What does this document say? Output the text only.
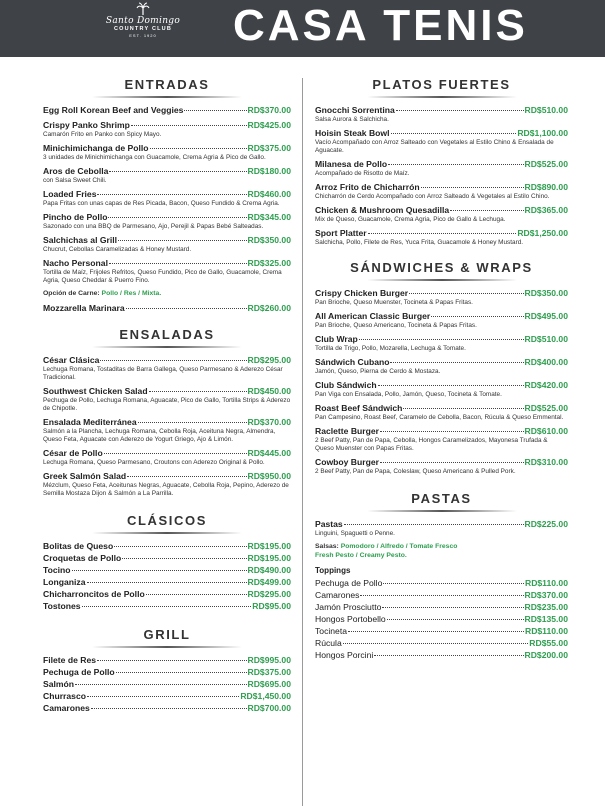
Santo Domingo
COUNTRY CLUB
EST. 1920	CASA TENIS
ENTRADAS
Egg Roll Korean Beef and Veggies	RD$370.00
Crispy Panko Shrimp	RD$425.00
Camarón Frito en Panko con Spicy Mayo.
Minichimichanga de Pollo	RD$375.00
3 unidades de Minichimichanga con Guacamole, Crema Agria & Pico de Gallo.
Aros de Cebolla	RD$180.00
con Salsa Sweet Chili.
Loaded Fries	RD$460.00
Papa Fritas con unas capas de Res Picada, Bacon, Queso Fundido & Crema Agria.
Pincho de Pollo	RD$345.00
Sazonado con una BBQ de Parmesano, Ajo, Perejil & Papas Bebé Salteadas.
Salchichas al Grill	RD$350.00
Chucrut, Cebollas Caramelizadas & Honey Mustard.
Nacho Personal	RD$325.00
Tortilla de Maíz, Frijoles Refritos, Queso Fundido, Pico de Gallo, Guacamole, Crema Agria, Queso Cheddar & Puerro Fino.
Opción de Carne: Pollo / Res / Mixta.
Mozzarella Marinara	RD$260.00
ENSALADAS
César Clásica	RD$295.00
Lechuga Romana, Tostaditas de Barra Gallega, Queso Parmesano & Aderezo César Tradicional.
Southwest Chicken Salad	RD$450.00
Pechuga de Pollo, Lechuga Romana, Aguacate, Pico de Gallo, Tortilla Strips & Aderezo de Chipotle.
Ensalada Mediterránea	RD$370.00
Salmón a la Plancha, Lechuga Romana, Cebolla Roja, Aceituna Negra, Almendra, Queso Feta, Aguacate con Aderezo de Yogurt Griego, Ajo & Limón.
César de Pollo	RD$445.00
Lechuga Romana, Queso Parmesano, Croutons con Aderezo Original & Pollo.
Greek Salmón Salad	RD$950.00
Mézclum, Queso Feta, Aceitunas Negras, Aguacate, Cebolla Roja, Pepino, Aderezo de Semilla Mostaza Dijon & Salmón a La Parrilla.
CLÁSICOS
Bolitas de Queso	RD$195.00
Croquetas de Pollo	RD$195.00
Tocino	RD$490.00
Longaniza	RD$499.00
Chicharroncitos de Pollo	RD$295.00
Tostones	RD$95.00
GRILL
Filete de Res	RD$995.00
Pechuga de Pollo	RD$375.00
Salmón	RD$695.00
Churrasco	RD$1,450.00
Camarones	RD$700.00
PLATOS FUERTES
Gnocchi Sorrentina	RD$510.00
Salsa Aurora & Salchicha.
Hoisin Steak Bowl	RD$1,100.00
Vacío Acompañado con Arroz Salteado con Vegetales al Estilo Chino & Ensalada de Aguacate.
Milanesa de Pollo	RD$525.00
Acompañado de Risotto de Maíz.
Arroz Frito de Chicharrón	RD$890.00
Chicharrón de Cerdo Acompañado con Arroz Salteado & Vegetales al Estilo Chino.
Chicken & Mushroom Quesadilla	RD$365.00
Mix de Queso, Guacamole, Crema Agria, Pico de Gallo & Lechuga.
Sport Platter	RD$1,250.00
Salchicha, Pollo, Filete de Res, Yuca Frita, Guacamole & Honey Mustard.
SÁNDWICHES & WRAPS
Crispy Chicken Burger	RD$350.00
Pan Brioche, Queso Muenster, Tocineta & Papas Fritas.
All American Classic Burger	RD$495.00
Pan Brioche, Queso Americano, Tocineta & Papas Fritas.
Club Wrap	RD$510.00
Tortilla de Trigo, Pollo, Mozarella, Lechuga & Tomate.
Sándwich Cubano	RD$400.00
Jamón, Queso, Pierna de Cerdo & Mostaza.
Club Sándwich	RD$420.00
Pan Viga con Ensalada, Pollo, Jamón, Queso, Tocineta & Tomate.
Roast Beef Sándwich	RD$525.00
Pan Campesino, Roast Beef, Caramelo de Cebolla, Bacon, Rúcula & Queso Emmental.
Raclette Burger	RD$610.00
2 Beef Patty, Pan de Papa, Cebolla, Hongos Caramelizados, Mayonesa Trufada & Queso Muenster con Papas Fritas.
Cowboy Burger	RD$310.00
2 Beef Patty, Pan de Papa, Coleslaw, Queso Americano & Pulled Pork.
PASTAS
Pastas	RD$225.00
Linguini, Spaguetti o Penne.
Salsas: Pomodoro / Alfredo / Tomate Fresco
Fresh Pesto / Creamy Pesto.
Toppings
Pechuga de Pollo	RD$110.00
Camarones	RD$370.00
Jamón Prosciutto	RD$235.00
Hongos Portobello	RD$135.00
Tocineta	RD$110.00
Rúcula	RD$55.00
Hongos Porcini	RD$200.00
